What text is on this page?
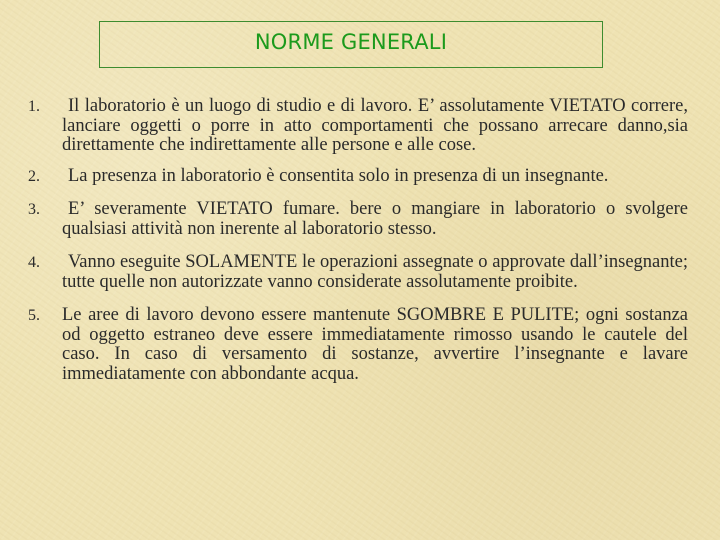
NORME GENERALI
1.	Il laboratorio è un luogo di studio e di lavoro. E’ assolutamente VIETATO correre, lanciare oggetti o porre in atto comportamenti che possano arrecare danno,sia direttamente che indirettamente alle persone e alle cose.
2.	La presenza in laboratorio è consentita solo in presenza di un insegnante.
3.	E’ severamente VIETATO fumare. bere o mangiare in laboratorio o svolgere qualsiasi attività non inerente al laboratorio stesso.
4.	Vanno eseguite SOLAMENTE le operazioni assegnate o approvate dall’insegnante; tutte quelle non autorizzate vanno considerate assolutamente proibite.
5. Le aree di lavoro devono essere mantenute SGOMBRE E PULITE; ogni sostanza od oggetto estraneo deve essere immediatamente rimosso usando le cautele del caso. In caso di versamento di sostanze, avvertire l’insegnante e lavare immediatamente con abbondante acqua.
